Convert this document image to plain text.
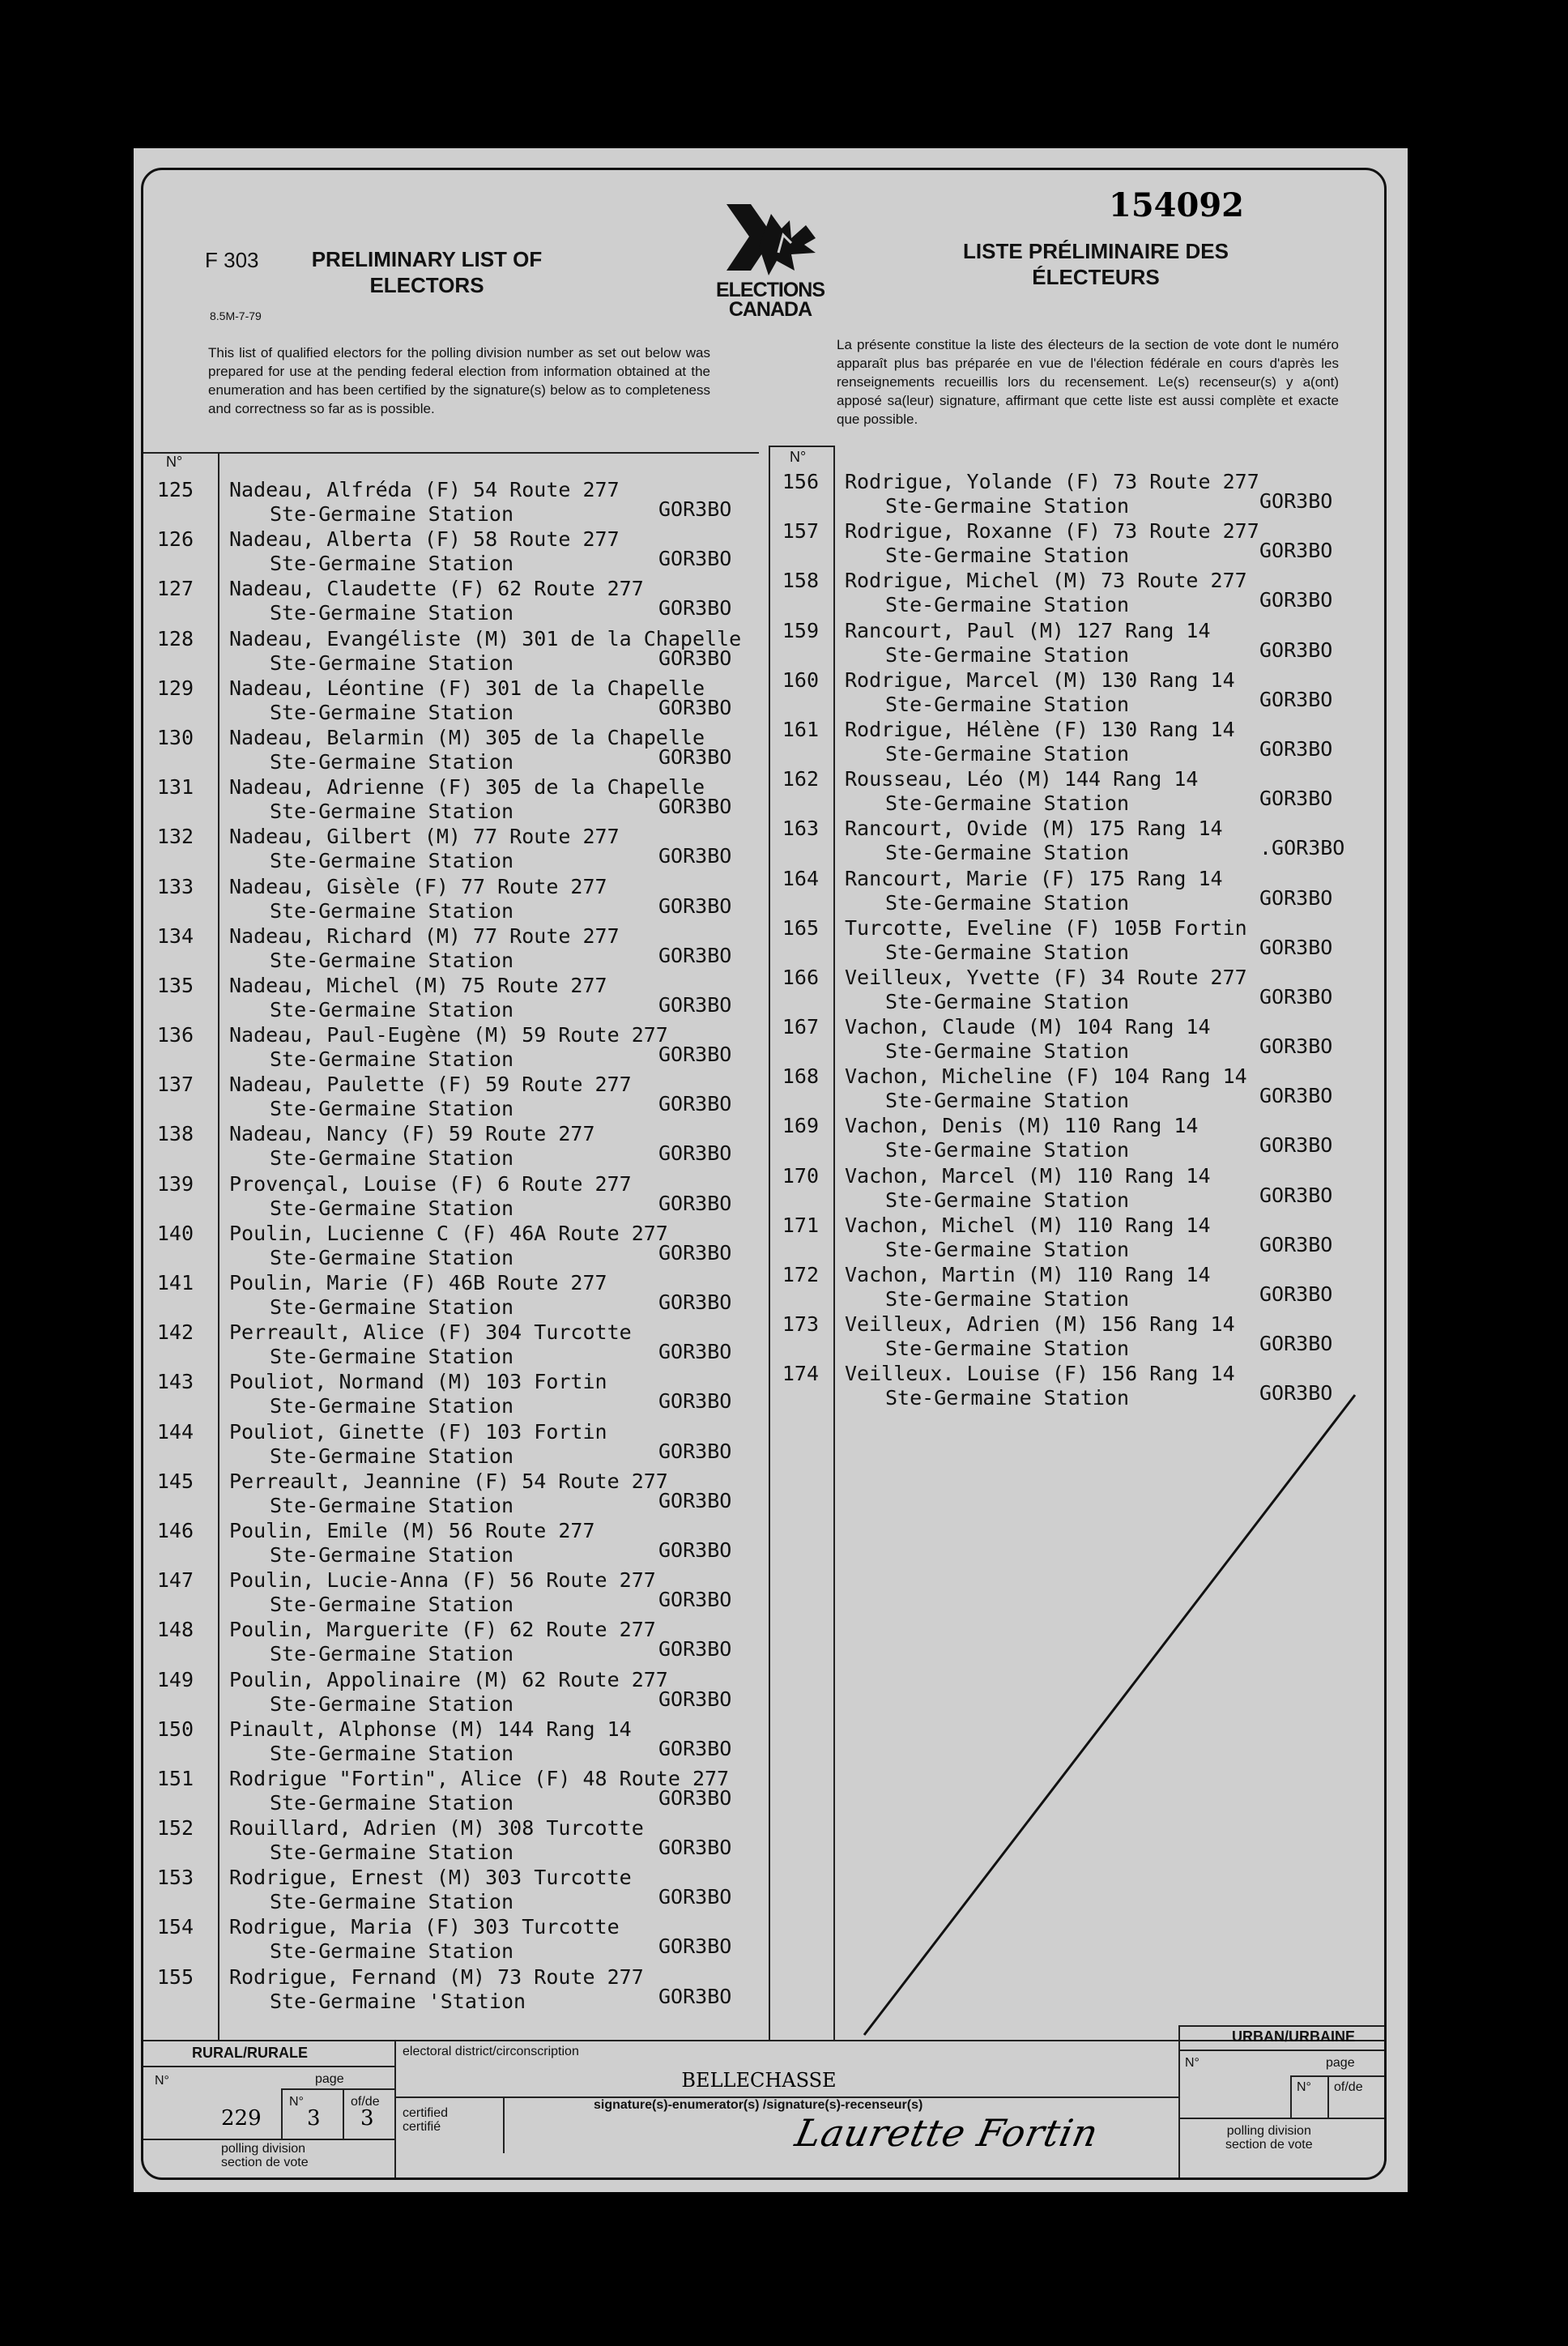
F 303
8.5M-7-79
PRELIMINARY LIST OF
ELECTORS	ELECTIONS
CANADA
154092
LISTE PRÉLIMINAIRE DES
ÉLECTEURS
This list of qualified electors for the polling division number as set out below was prepared for use at the pending federal election from information obtained at the enumeration and has been certified by the signature(s) below as to completeness and correctness so far as is possible.
La présente constitue la liste des électeurs de la section de vote dont le numéro apparaît plus bas préparée en vue de l'élection fédérale en cours d'après les renseignements recueillis lors du recensement. Le(s) recenseur(s) y a(ont) apposé sa(leur) signature, affirmant que cette liste est aussi complète et exacte que possible.
N°	N°
125 Nadeau, Alfréda (F) 54 Route 277
Ste-Germaine Station	GOR3BO
126 Nadeau, Alberta (F) 58 Route 277
Ste-Germaine Station	GOR3BO
127 Nadeau, Claudette (F) 62 Route 277
Ste-Germaine Station	GOR3BO
128 Nadeau, Evangéliste (M) 301 de la Chapelle
Ste-Germaine Station	GOR3BO
129 Nadeau, Léontine (F) 301 de la Chapelle
Ste-Germaine Station	GOR3BO
130 Nadeau, Belarmin (M) 305 de la Chapelle
Ste-Germaine Station	GOR3BO
131 Nadeau, Adrienne (F) 305 de la Chapelle
Ste-Germaine Station	GOR3BO
132 Nadeau, Gilbert (M) 77 Route 277
Ste-Germaine Station	GOR3BO
133 Nadeau, Gisèle (F) 77 Route 277
Ste-Germaine Station	GOR3BO
134 Nadeau, Richard (M) 77 Route 277
Ste-Germaine Station	GOR3BO
135 Nadeau, Michel (M) 75 Route 277
Ste-Germaine Station	GOR3BO
136 Nadeau, Paul-Eugène (M) 59 Route 277
Ste-Germaine Station	GOR3BO
137 Nadeau, Paulette (F) 59 Route 277
Ste-Germaine Station	GOR3BO
138 Nadeau, Nancy (F) 59 Route 277
Ste-Germaine Station	GOR3BO
139 Provençal, Louise (F) 6 Route 277
Ste-Germaine Station	GOR3BO
140 Poulin, Lucienne C (F) 46A Route 277
Ste-Germaine Station	GOR3BO
141 Poulin, Marie (F) 46B Route 277
Ste-Germaine Station	GOR3BO
142 Perreault, Alice (F) 304 Turcotte
Ste-Germaine Station	GOR3BO
143 Pouliot, Normand (M) 103 Fortin
Ste-Germaine Station	GOR3BO
144 Pouliot, Ginette (F) 103 Fortin
Ste-Germaine Station	GOR3BO
145 Perreault, Jeannine (F) 54 Route 277
Ste-Germaine Station	GOR3BO
146 Poulin, Emile (M) 56 Route 277
Ste-Germaine Station	GOR3BO
147 Poulin, Lucie-Anna (F) 56 Route 277
Ste-Germaine Station	GOR3BO
148 Poulin, Marguerite (F) 62 Route 277
Ste-Germaine Station	GOR3BO
149 Poulin, Appolinaire (M) 62 Route 277
Ste-Germaine Station	GOR3BO
150 Pinault, Alphonse (M) 144 Rang 14
Ste-Germaine Station	GOR3BO
151 Rodrigue "Fortin", Alice (F) 48 Route 277
Ste-Germaine Station	GOR3BO
152 Rouillard, Adrien (M) 308 Turcotte
Ste-Germaine Station	GOR3BO
153 Rodrigue, Ernest (M) 303 Turcotte
Ste-Germaine Station	GOR3BO
154 Rodrigue, Maria (F) 303 Turcotte
Ste-Germaine Station	GOR3BO
155 Rodrigue, Fernand (M) 73 Route 277
Ste-Germaine 'Station	GOR3BO
156 Rodrigue, Yolande (F) 73 Route 277
Ste-Germaine Station	GOR3BO
157 Rodrigue, Roxanne (F) 73 Route 277
Ste-Germaine Station	GOR3BO
158 Rodrigue, Michel (M) 73 Route 277
Ste-Germaine Station	GOR3BO
159 Rancourt, Paul (M) 127 Rang 14
Ste-Germaine Station	GOR3BO
160 Rodrigue, Marcel (M) 130 Rang 14
Ste-Germaine Station	GOR3BO
161 Rodrigue, Hélène (F) 130 Rang 14
Ste-Germaine Station	GOR3BO
162 Rousseau, Léo (M) 144 Rang 14
Ste-Germaine Station	GOR3BO
163 Rancourt, Ovide (M) 175 Rang 14
Ste-Germaine Station	.GOR3BO
164 Rancourt, Marie (F) 175 Rang 14
Ste-Germaine Station	GOR3BO
165 Turcotte, Eveline (F) 105B Fortin
Ste-Germaine Station	GOR3BO
166 Veilleux, Yvette (F) 34 Route 277
Ste-Germaine Station	GOR3BO
167 Vachon, Claude (M) 104 Rang 14
Ste-Germaine Station	GOR3BO
168 Vachon, Micheline (F) 104 Rang 14
Ste-Germaine Station	GOR3BO
169 Vachon, Denis (M) 110 Rang 14
Ste-Germaine Station	GOR3BO
170 Vachon, Marcel (M) 110 Rang 14
Ste-Germaine Station	GOR3BO
171 Vachon, Michel (M) 110 Rang 14
Ste-Germaine Station	GOR3BO
172 Vachon, Martin (M) 110 Rang 14
Ste-Germaine Station	GOR3BO
173 Veilleux, Adrien (M) 156 Rang 14
Ste-Germaine Station	GOR3BO
174 Veilleux. Louise (F) 156 Rang 14
Ste-Germaine Station	GOR3BO
RURAL/RURALE
N°	page
N°	of/de
229 3 3
polling division
section de vote
electoral district/circonscription
BELLECHASSE
signature(s)-enumerator(s) /signature(s)-recenseur(s)
certified
certifié	Laurette Fortin
URBAN/URBAINE
N°	page
N° of/de
polling division
section de vote
